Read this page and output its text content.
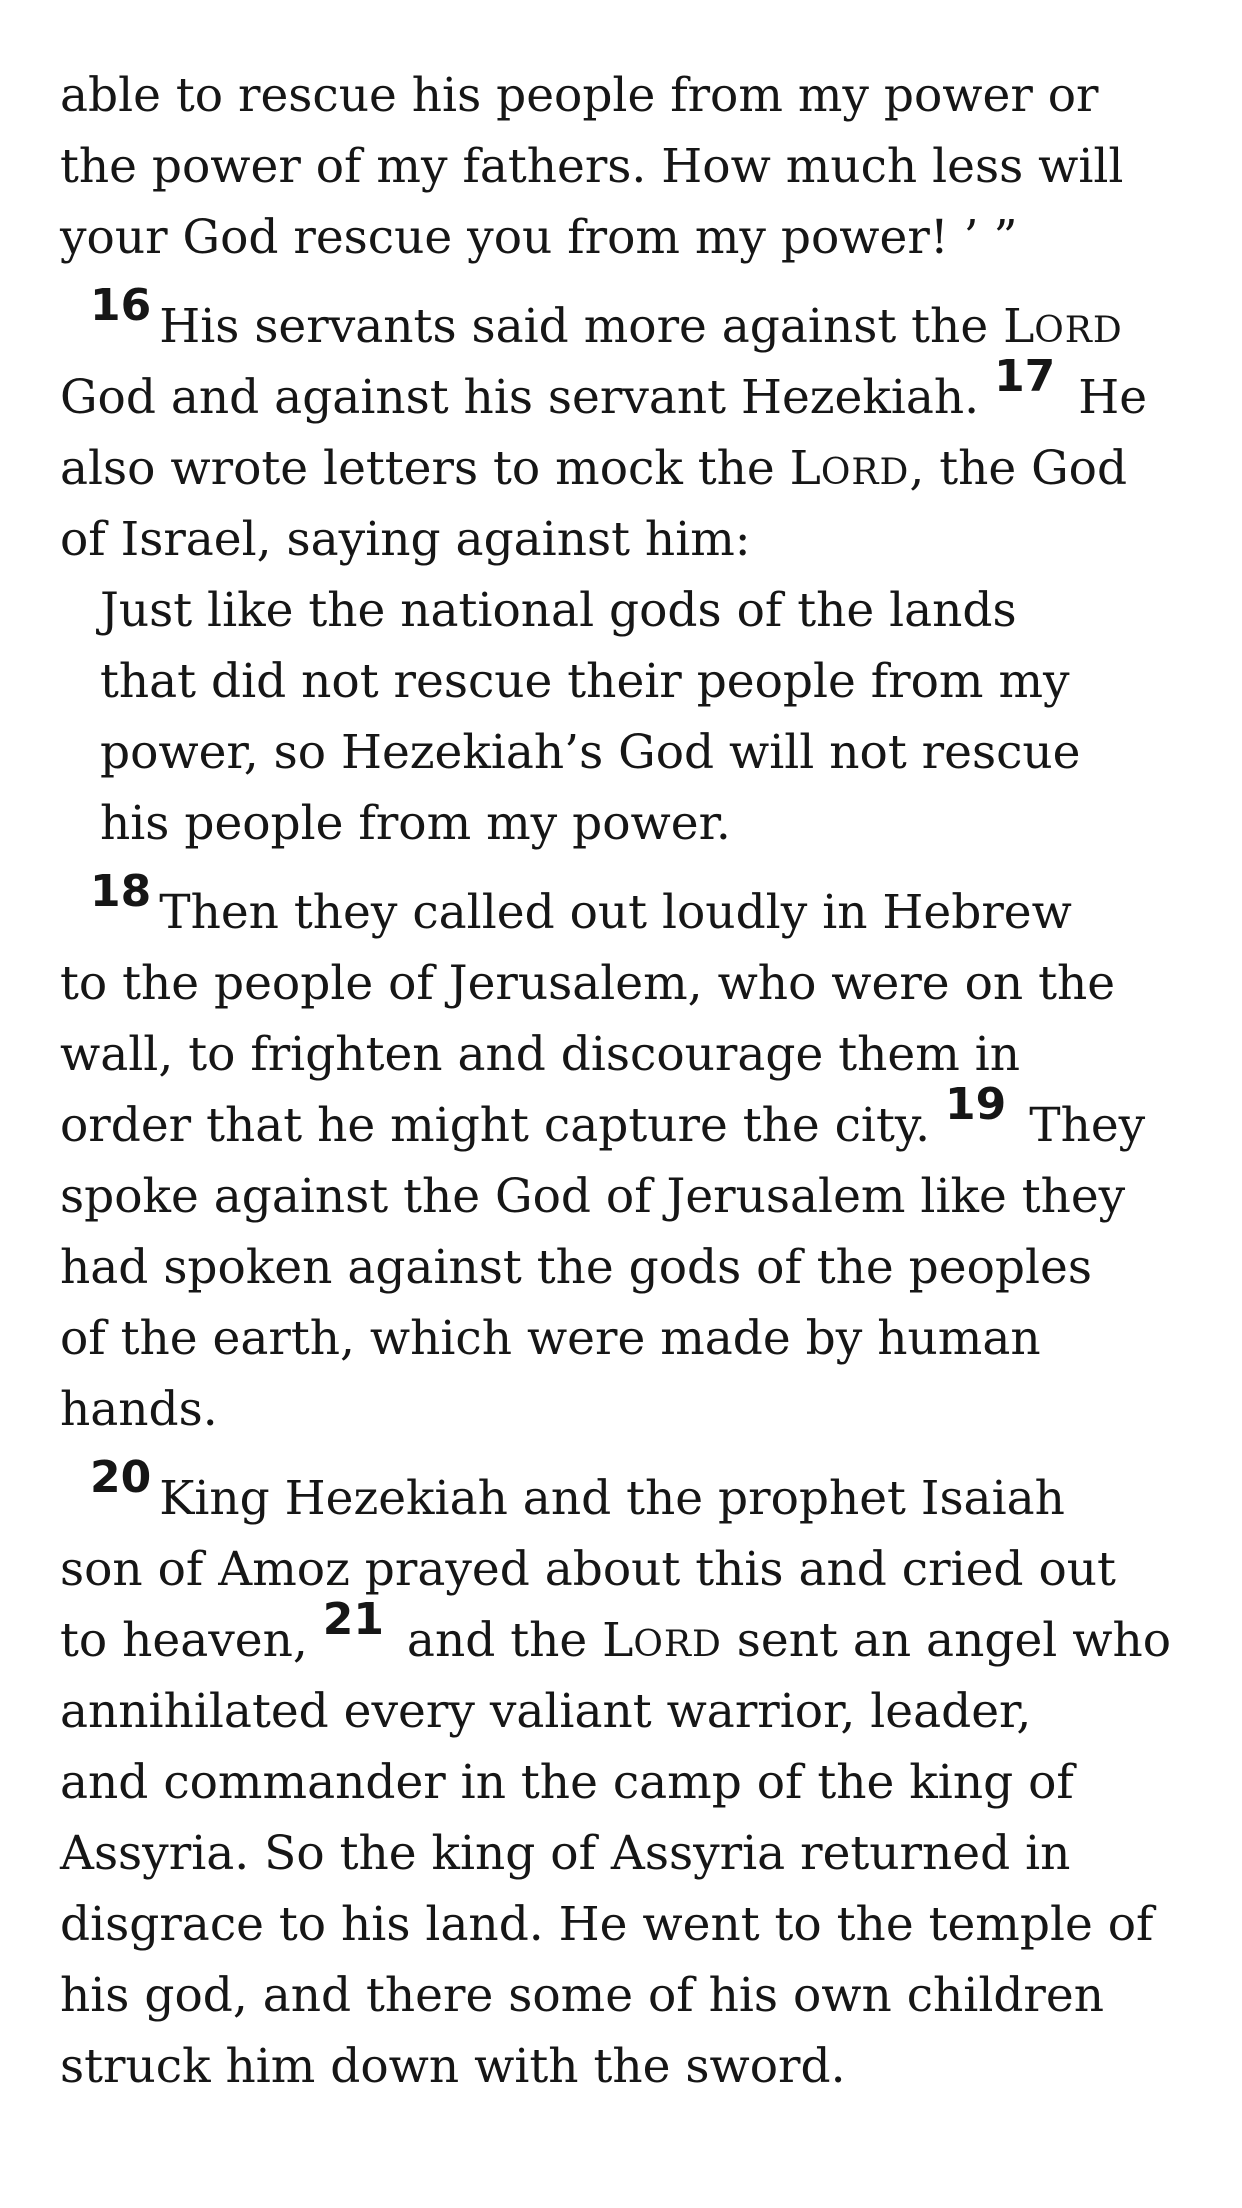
able to rescue his people from my power or
the power of my fathers. How much less will
your God rescue you from my power! ’ ”
16 His servants said more against the LORD
God and against his servant Hezekiah. 17 He
also wrote letters to mock the LORD, the God
of Israel, saying against him:
Just like the national gods of the lands
that did not rescue their people from my
power, so Hezekiah’s God will not rescue
his people from my power.
18 Then they called out loudly in Hebrew
to the people of Jerusalem, who were on the
wall, to frighten and discourage them in
order that he might capture the city. 19 They
spoke against the God of Jerusalem like they
had spoken against the gods of the peoples
of the earth, which were made by human
hands.
20 King Hezekiah and the prophet Isaiah
son of Amoz prayed about this and cried out
to heaven, 21 and the LORD sent an angel who
annihilated every valiant warrior, leader,
and commander in the camp of the king of
Assyria. So the king of Assyria returned in
disgrace to his land. He went to the temple of
his god, and there some of his own children
struck him down with the sword.
